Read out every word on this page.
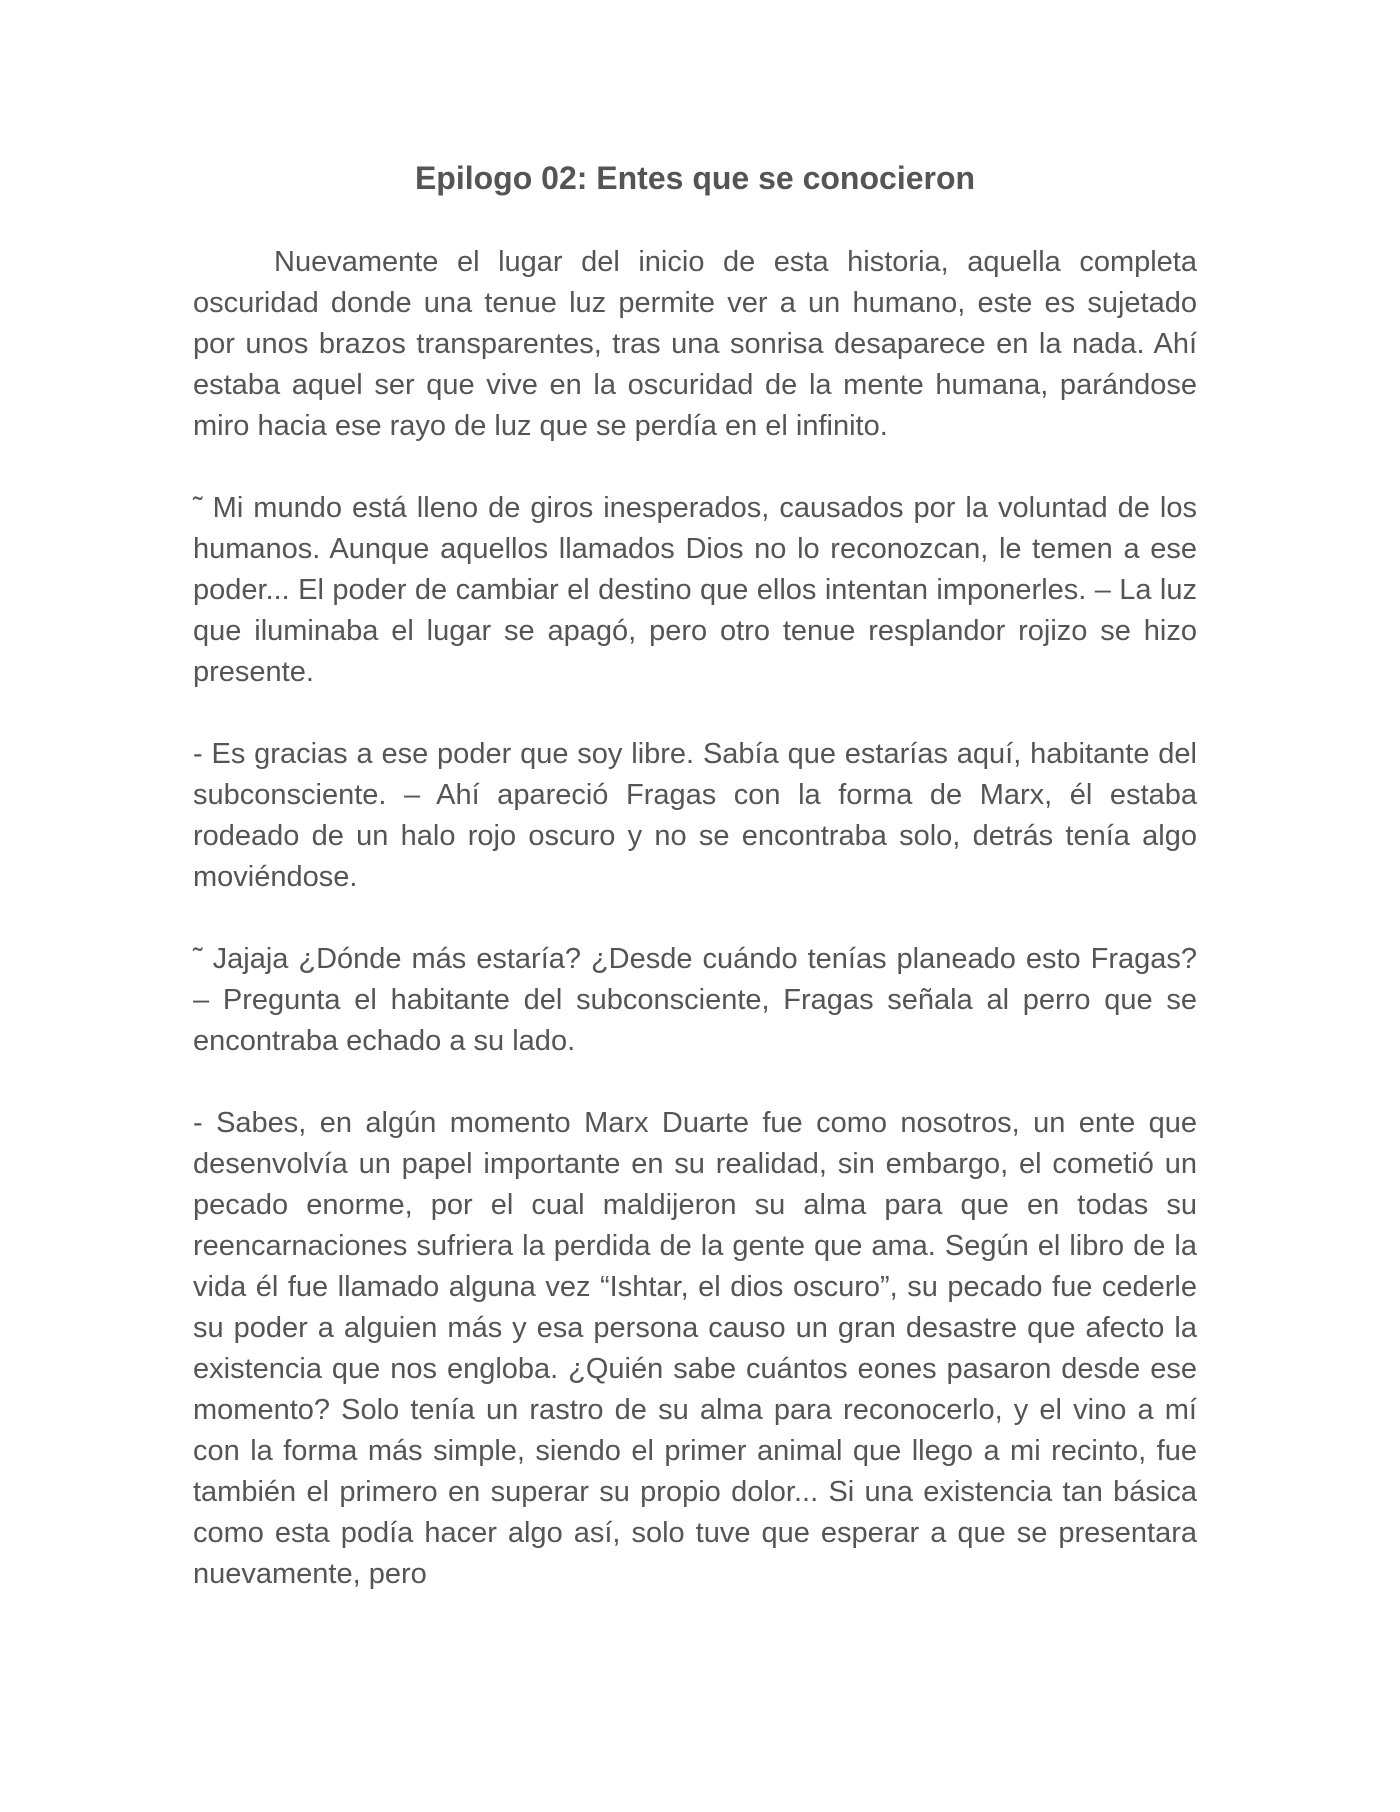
Epilogo 02: Entes que se conocieron

Nuevamente el lugar del inicio de esta historia, aquella completa oscuridad donde una tenue luz permite ver a un humano, este es sujetado por unos brazos transparentes, tras una sonrisa desaparece en la nada. Ahí estaba aquel ser que vive en la oscuridad de la mente humana, parándose miro hacia ese rayo de luz que se perdía en el infinito.

˜ Mi mundo está lleno de giros inesperados, causados por la voluntad de los humanos. Aunque aquellos llamados Dios no lo reconozcan, le temen a ese poder... El poder de cambiar el destino que ellos intentan imponerles. – La luz que iluminaba el lugar se apagó, pero otro tenue resplandor rojizo se hizo presente.

- Es gracias a ese poder que soy libre. Sabía que estarías aquí, habitante del subconsciente. – Ahí apareció Fragas con la forma de Marx, él estaba rodeado de un halo rojo oscuro y no se encontraba solo, detrás tenía algo moviéndose.

˜ Jajaja ¿Dónde más estaría? ¿Desde cuándo tenías planeado esto Fragas? – Pregunta el habitante del subconsciente, Fragas señala al perro que se encontraba echado a su lado.

- Sabes, en algún momento Marx Duarte fue como nosotros, un ente que desenvolvía un papel importante en su realidad, sin embargo, el cometió un pecado enorme, por el cual maldijeron su alma para que en todas su reencarnaciones sufriera la perdida de la gente que ama. Según el libro de la vida él fue llamado alguna vez “Ishtar, el dios oscuro”, su pecado fue cederle su poder a alguien más y esa persona causo un gran desastre que afecto la existencia que nos engloba. ¿Quién sabe cuántos eones pasaron desde ese momento? Solo tenía un rastro de su alma para reconocerlo, y el vino a mí con la forma más simple, siendo el primer animal que llego a mi recinto, fue también el primero en superar su propio dolor... Si una existencia tan básica como esta podía hacer algo así, solo tuve que esperar a que se presentara nuevamente, pero
